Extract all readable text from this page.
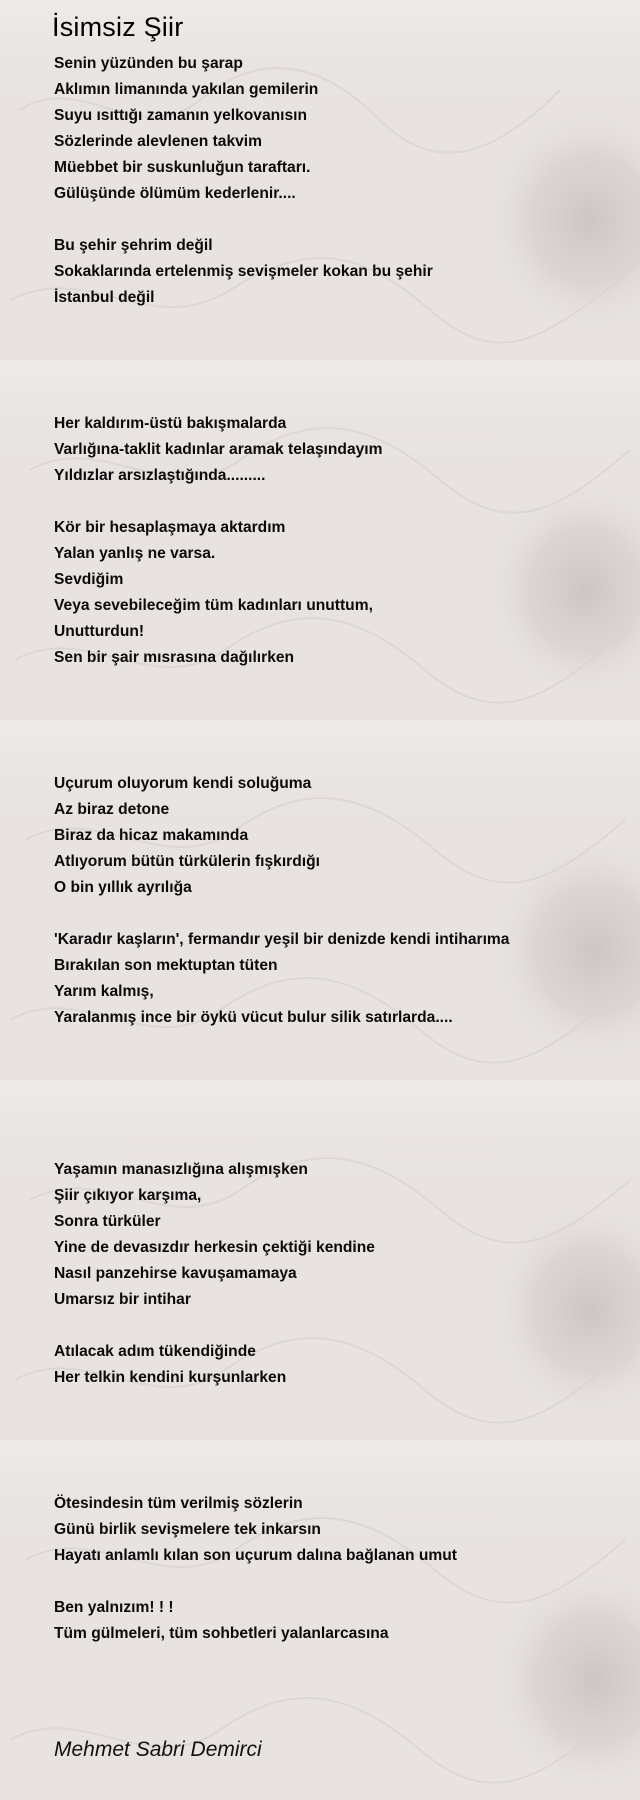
İsimsiz Şiir
Senin yüzünden bu şarap
Aklımın limanında yakılan gemilerin
Suyu ısıttığı zamanın yelkovanısın
Sözlerinde alevlenen takvim
Müebbet bir suskunluğun taraftarı.
Gülüşünde ölümüm kederlenir....
Bu şehir şehrim değil
Sokaklarında ertelenmiş sevişmeler kokan bu şehir
İstanbul değil
Her kaldırım-üstü bakışmalarda
Varlığına-taklit kadınlar aramak telaşındayım
Yıldızlar arsızlaştığında.........
Kör bir hesaplaşmaya aktardım
Yalan yanlış ne varsa.
Sevdiğim
Veya sevebileceğim tüm kadınları unuttum,
Unutturdun!
Sen bir şair mısrasına dağılırken
Uçurum oluyorum kendi soluğuma
Az biraz detone
Biraz da hicaz makamında
Atlıyorum bütün türkülerin fışkırdığı
O bin yıllık ayrılığa
'Karadır kaşların', fermandır yeşil bir denizde kendi intiharıma
Bırakılan son mektuptan tüten
Yarım kalmış,
Yaralanmış ince bir öykü vücut bulur silik satırlarda....
Yaşamın manasızlığına alışmışken
Şiir çıkıyor karşıma,
Sonra türküler
Yine de devasızdır herkesin çektiği kendine
Nasıl panzehirse kavuşamamaya
Umarsız bir intihar
Atılacak adım tükendiğinde
Her telkin kendini kurşunlarken
Ötesindesin tüm verilmiş sözlerin
Günü birlik sevişmelere tek inkarsın
Hayatı anlamlı kılan son uçurum dalına bağlanan umut
Ben yalnızım! ! !
Tüm gülmeleri, tüm sohbetleri yalanlarcasına
Mehmet Sabri Demirci
